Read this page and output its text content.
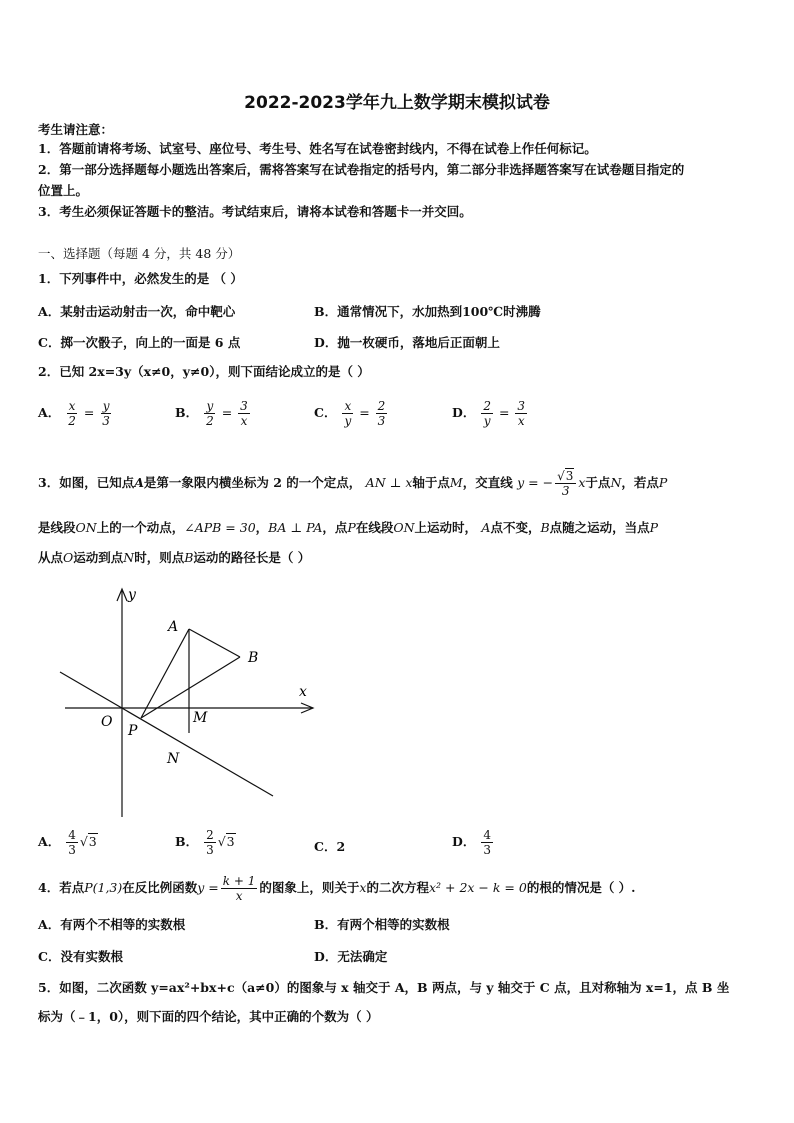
2022-2023学年九上数学期末模拟试卷
考生请注意：
1．答题前请将考场、试室号、座位号、考生号、姓名写在试卷密封线内，不得在试卷上作任何标记。
2．第一部分选择题每小题选出答案后，需将答案写在试卷指定的括号内，第二部分非选择题答案写在试卷题目指定的
位置上。
3．考生必须保证答题卡的整洁。考试结束后，请将本试卷和答题卡一并交回。
一、选择题（每题 4 分，共 48 分）
1．下列事件中，必然发生的是 （ ）
A．某射击运动射击一次，命中靶心	B．通常情况下，水加热到100℃时沸腾
C．掷一次骰子，向上的一面是 6 点	D．抛一枚硬币，落地后正面朝上
2．已知 2x=3y（x≠0，y≠0），则下面结论成立的是（ ）
A． $\frac{x}{2} = \frac{y}{3}$	B． $\frac{y}{2} = \frac{3}{x}$	C． $\frac{x}{y} = \frac{2}{3}$	D． $\frac{2}{y} = \frac{3}{x}$
3．如图，已知点A是第一象限内横坐标为 2 的一个定点， AN ⊥ x轴于点M，交直线 y = − $\frac{√3}{3}$ x于点N，若点P
是线段ON上的一个动点，∠APB = 30，BA ⊥ PA，点P在线段ON上运动时， A点不变，B点随之运动，当点P
从点O运动到点N时，则点B运动的路径长是（ ）
y
x
A
B
O
P
M
N
A． $\frac{4}{3} √3$	B． $\frac{2}{3} √3$	C．2	D． $\frac{4}{3}$
4．若点P(1,3)在反比例函数$y = \frac{k + 1}{x}$ 的图象上，则关于x的二次方程x² + 2x − k = 0的根的情况是（ ）.
A．有两个不相等的实数根	B．有两个相等的实数根
C．没有实数根	D．无法确定
5．如图，二次函数 y=ax²+bx+c（a≠0）的图象与 x 轴交于 A，B 两点，与 y 轴交于 C 点，且对称轴为 x=1，点 B 坐
标为（﹣1，0），则下面的四个结论，其中正确的个数为（ ）
